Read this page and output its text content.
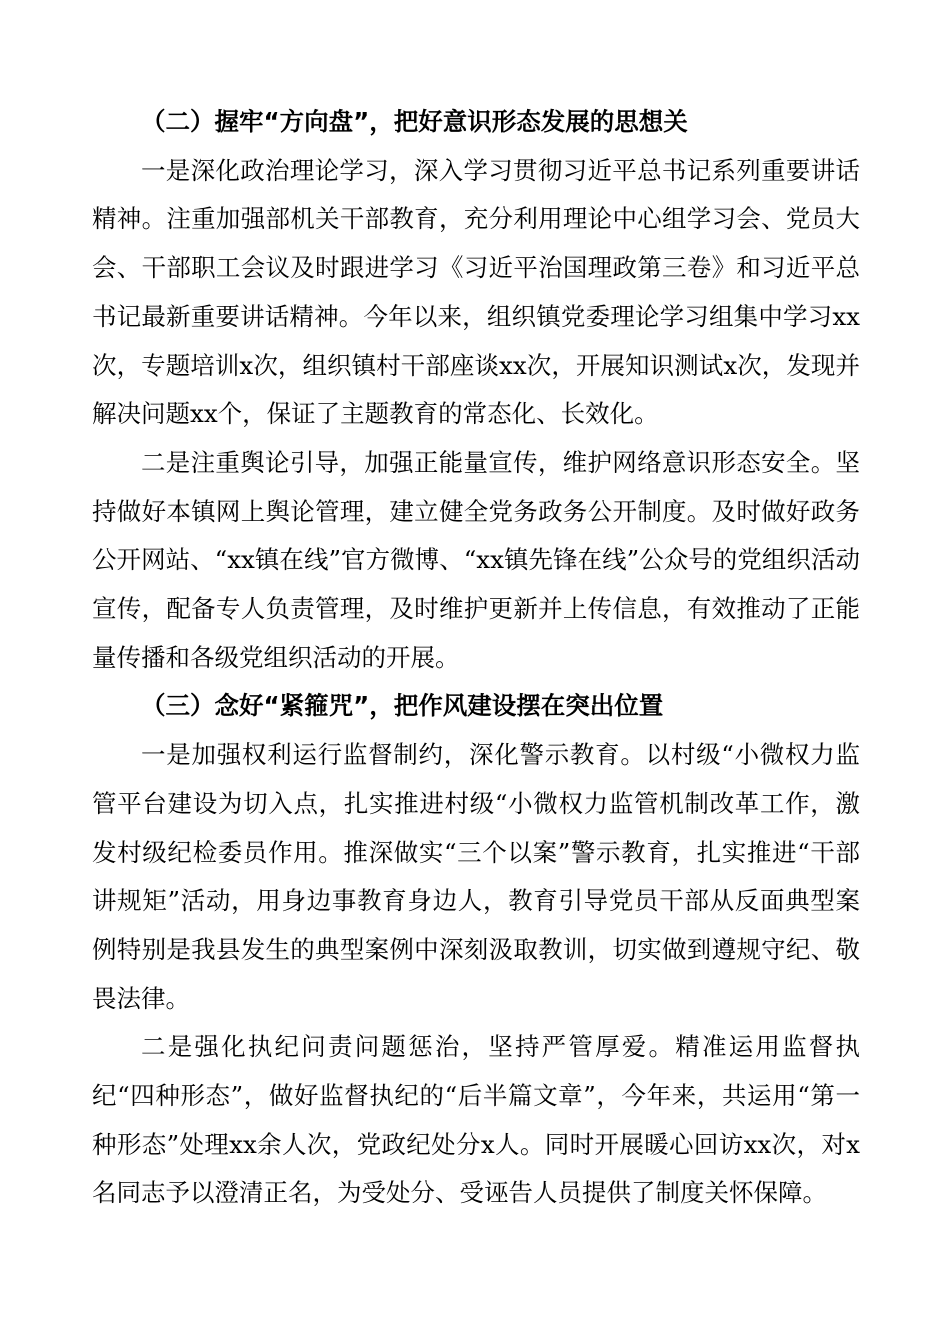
（二）握牢“方向盘”，把好意识形态发展的思想关

一是深化政治理论学习，深入学习贯彻习近平总书记系列重要讲话精神。注重加强部机关干部教育，充分利用理论中心组学习会、党员大会、干部职工会议及时跟进学习《习近平治国理政第三卷》和习近平总书记最新重要讲话精神。今年以来，组织镇党委理论学习组集中学习xx次，专题培训x次，组织镇村干部座谈xx次，开展知识测试x次，发现并解决问题xx个，保证了主题教育的常态化、长效化。

二是注重舆论引导，加强正能量宣传，维护网络意识形态安全。坚持做好本镇网上舆论管理，建立健全党务政务公开制度。及时做好政务公开网站、“xx镇在线”官方微博、“xx镇先锋在线”公众号的党组织活动宣传，配备专人负责管理，及时维护更新并上传信息，有效推动了正能量传播和各级党组织活动的开展。

（三）念好“紧箍咒”，把作风建设摆在突出位置

一是加强权利运行监督制约，深化警示教育。以村级“小微权力监管平台建设为切入点，扎实推进村级“小微权力监管机制改革工作，激发村级纪检委员作用。推深做实“三个以案”警示教育，扎实推进“干部讲规矩”活动，用身边事教育身边人，教育引导党员干部从反面典型案例特别是我县发生的典型案例中深刻汲取教训，切实做到遵规守纪、敬畏法律。

二是强化执纪问责问题惩治，坚持严管厚爱。精准运用监督执纪“四种形态”，做好监督执纪的“后半篇文章”，今年来，共运用“第一种形态”处理xx余人次，党政纪处分x人。同时开展暖心回访xx次，对x名同志予以澄清正名，为受处分、受诬告人员提供了制度关怀保障。
